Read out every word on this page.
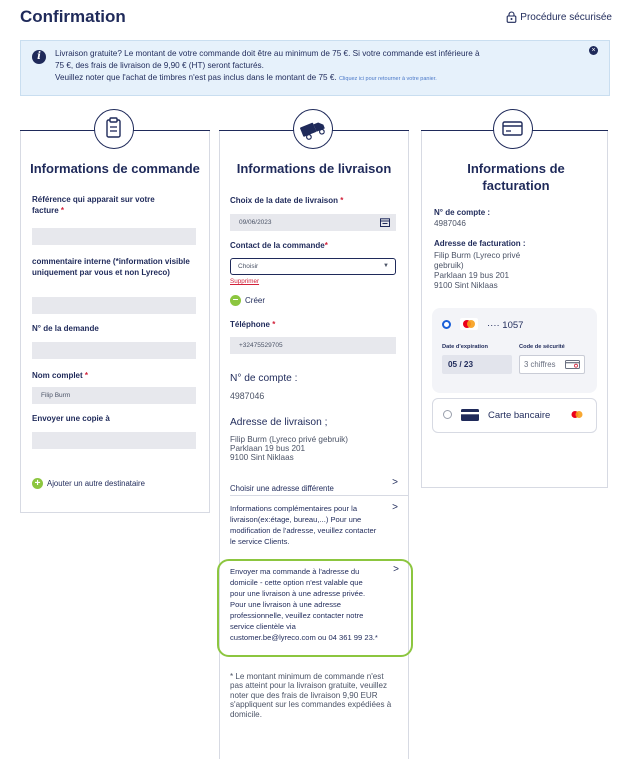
Confirmation	Procédure sécurisée
i	Livraison gratuite? Le montant de votre commande doit être au minimum de 75 €. Si votre commande est inférieure à
75 €, des frais de livraison de 9,90 € (HT) seront facturés.
Veuillez noter que l'achat de timbres n'est pas inclus dans le montant de 75 €. Cliquez ici pour retourner à votre panier.
×
Informations de commande
Référence qui apparait sur votre facture *
commentaire interne (*information visible uniquement par vous et non Lyreco)
N° de la demande
Nom complet *
Filip Burm
Envoyer une copie à
+ Ajouter un autre destinataire
Informations de livraison
Choix de la date de livraison *
09/06/2023
Contact de la commande*
Choisir	▼
Supprimer
– Créer
Téléphone *
+32475529705
N° de compte :
4987046
Adresse de livraison ;
Filip Burm (Lyreco privé gebruik)
Parklaan 19 bus 201
9100 Sint Niklaas
Choisir une adresse différente
>
Informations complémentaires pour la livraison(ex:étage, bureau,...) Pour une modification de l'adresse, veuillez contacter le service Clients.
>
Envoyer ma commande à l'adresse du domicile - cette option n'est valable que pour une livraison à une adresse privée. Pour une livraison à une adresse professionnelle, veuillez contacter notre service clientèle via customer.be@lyreco.com ou 04 361 99 23.*
>
* Le montant minimum de commande n'est pas atteint pour la livraison gratuite, veuillez noter que des frais de livraison 9,90 EUR s'appliquent sur les commandes expédiées à domicile.
Informations de facturation
N° de compte :
4987046
Adresse de facturation :
Filip Burm (Lyreco privé
gebruik)
Parklaan 19 bus 201
9100 Sint Niklaas
···· 1057
Date d'expiration	Code de sécurité
05 / 23	3 chiffres
Carte bancaire
